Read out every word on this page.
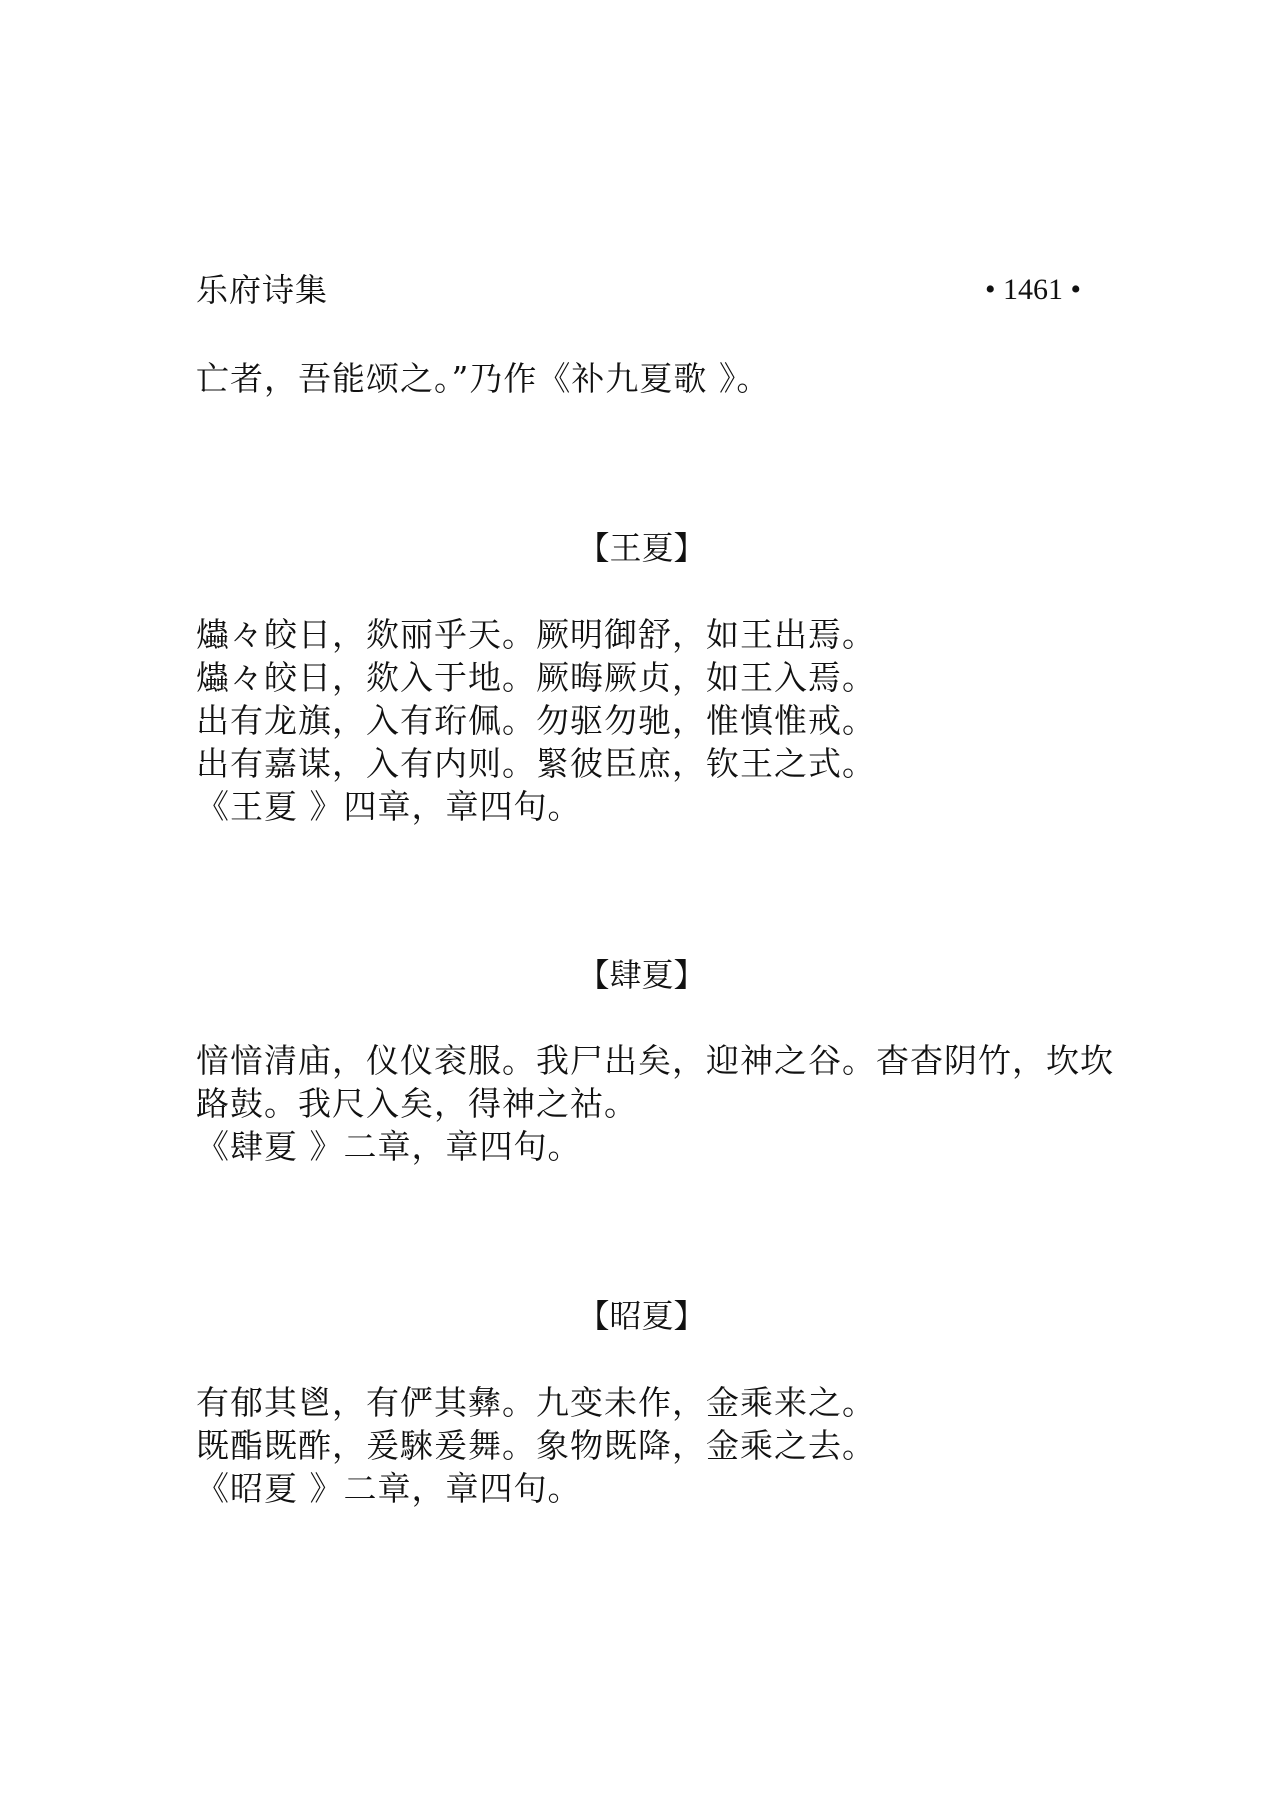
乐府诗集	• 1461 •
亡者，吾能颂之。”乃作《补九夏歌 》。
【王夏】
爞々皎日，欻丽乎天。厥明御舒，如王出焉。
爞々皎日，欻入于地。厥晦厥贞，如王入焉。
出有龙旗，入有珩佩。勿驱勿驰，惟慎惟戒。
出有嘉谋，入有内则。緊彼臣庶，钦王之式。
《王夏 》四章，章四句。
【肆夏】
愔愔清庙，仪仪衮服。我尸出矣，迎神之谷。杳杳阴竹，坎坎
路鼓。我尺入矣，得神之祜。
《肆夏 》二章，章四句。
【昭夏】
有郁其鬯，有俨其彝。九变未作，金乘来之。
既酯既酢，爰騋爰舞。象物既降，金乘之去。
《昭夏 》二章，章四句。
